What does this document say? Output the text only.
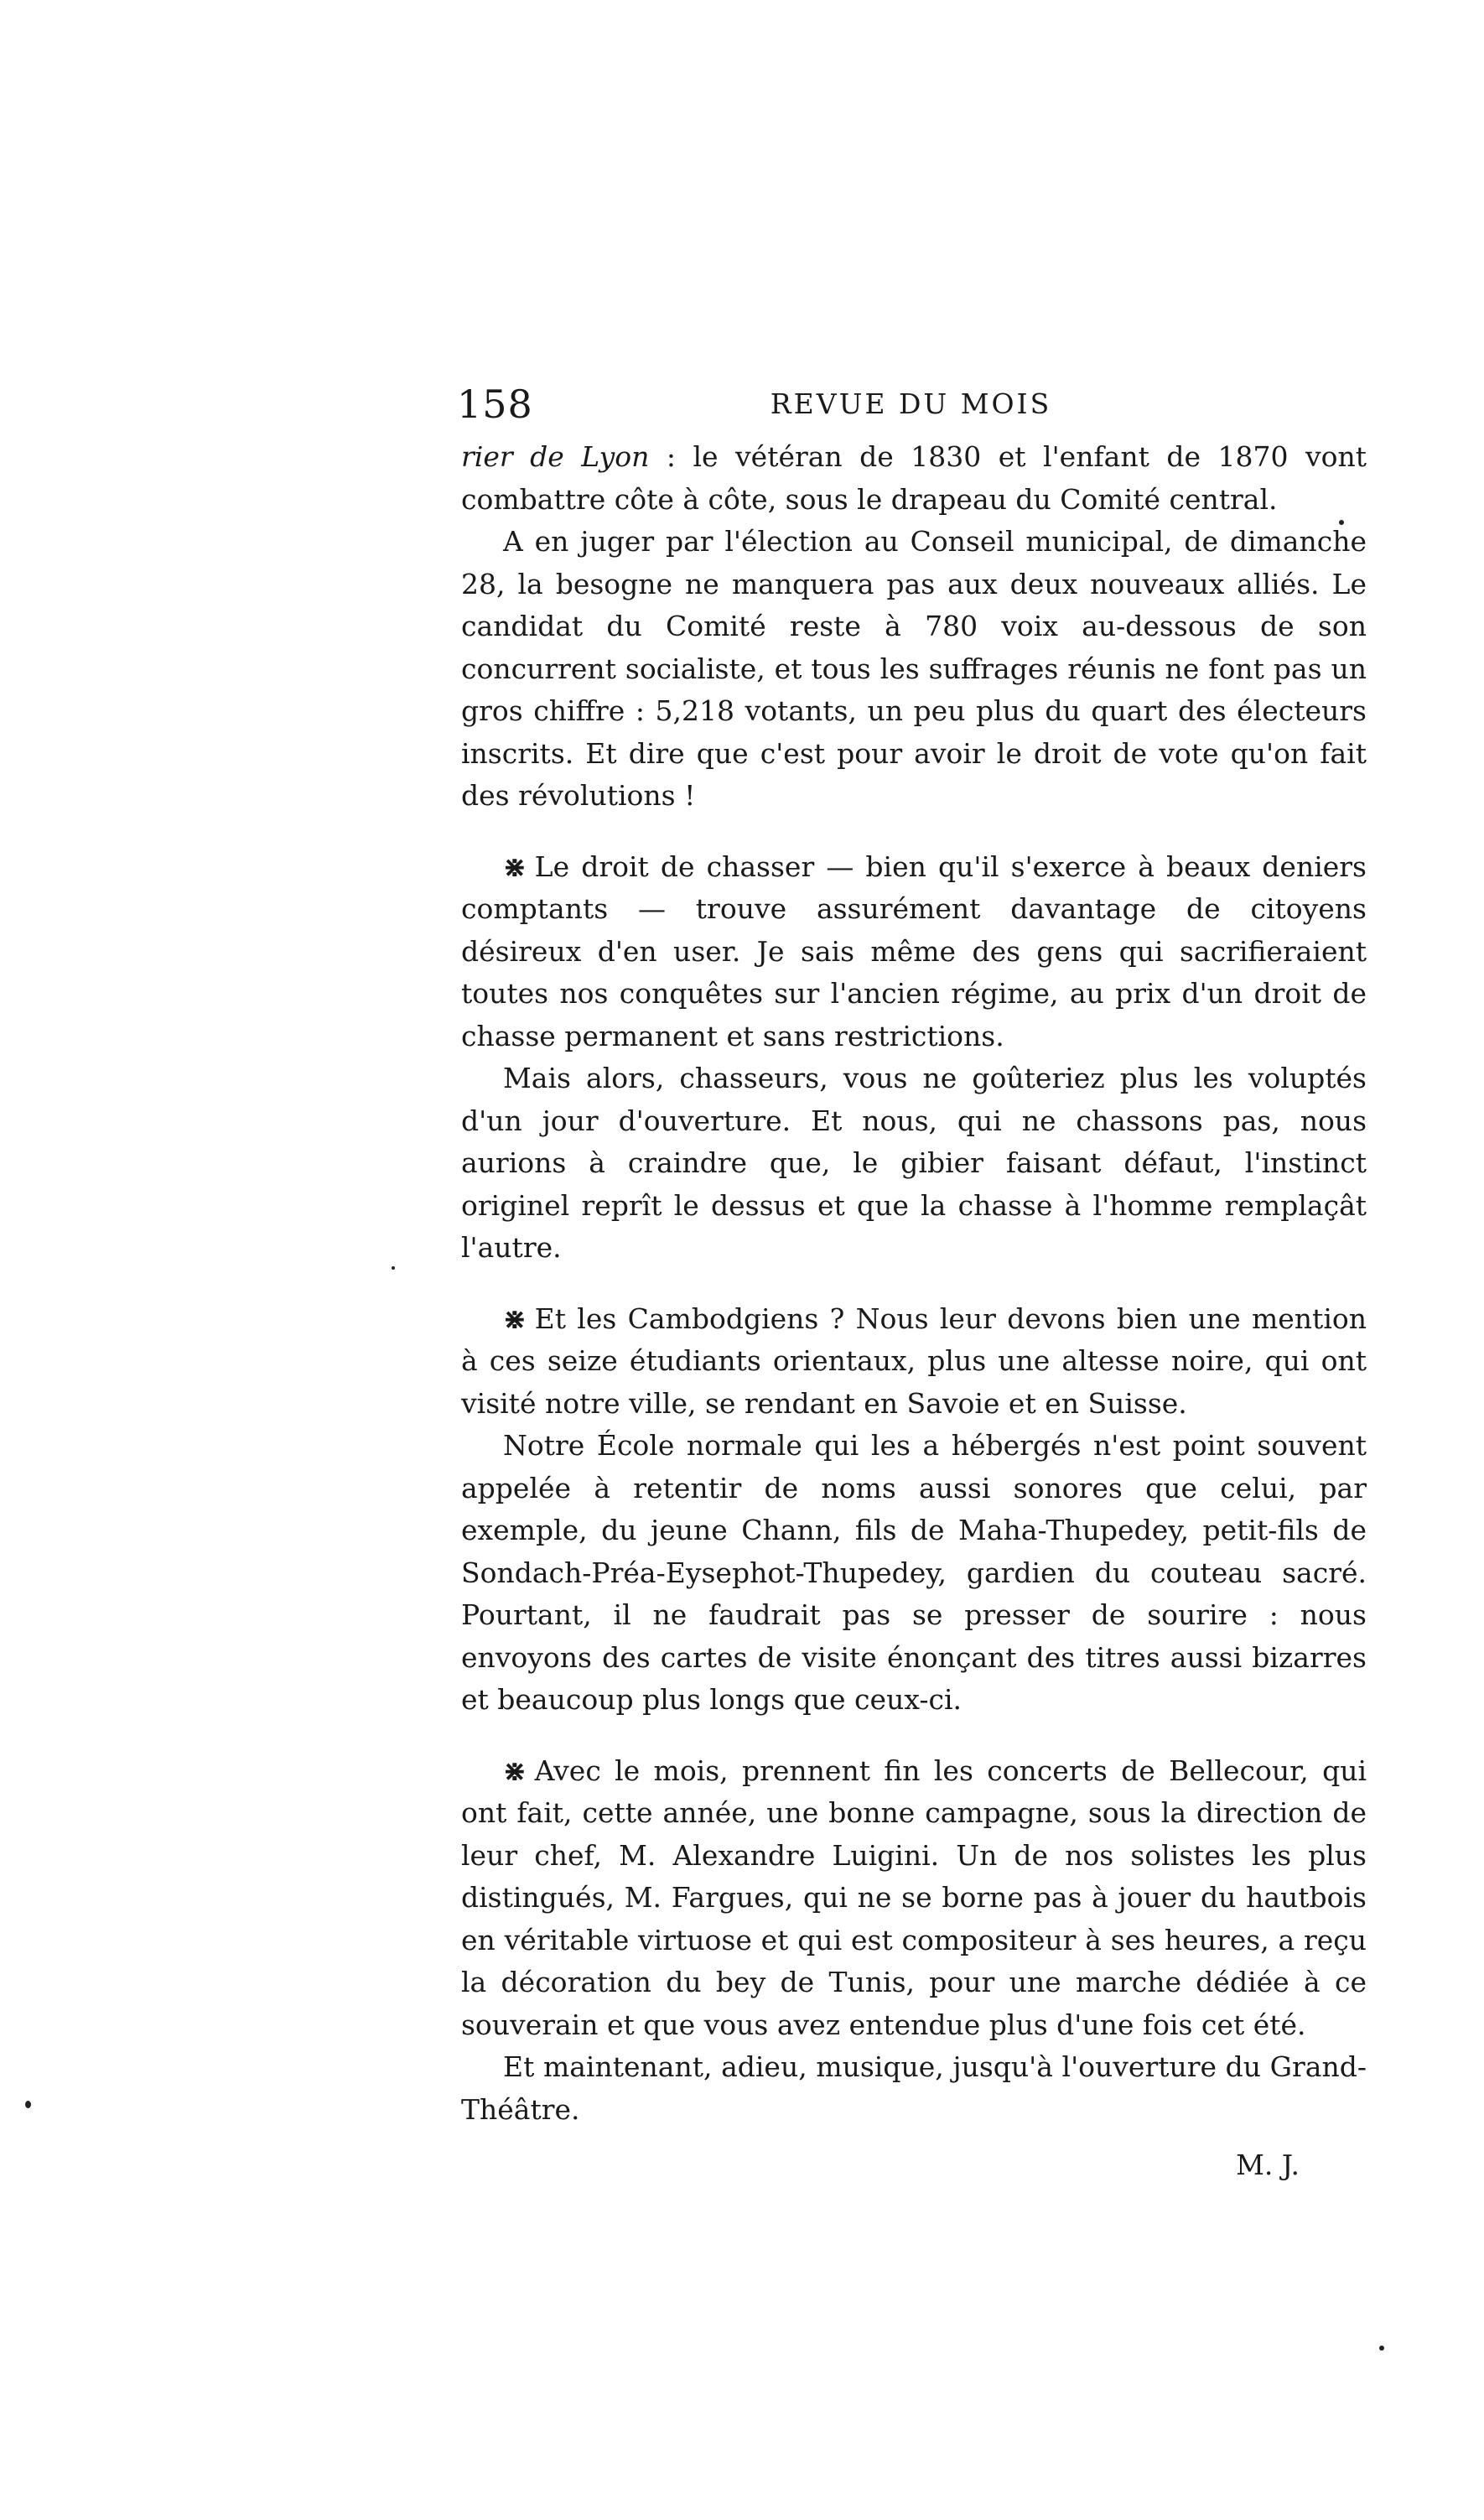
158	REVUE DU MOIS

rier de Lyon : le vétéran de 1830 et l'enfant de 1870 vont combattre côte à côte, sous le drapeau du Comité central.

A en juger par l'élection au Conseil municipal, de dimanche 28, la besogne ne manquera pas aux deux nouveaux alliés. Le candidat du Comité reste à 780 voix au-dessous de son concurrent socialiste, et tous les suffrages réunis ne font pas un gros chiffre : 5,218 votants, un peu plus du quart des électeurs inscrits. Et dire que c'est pour avoir le droit de vote qu'on fait des révolutions !

⋇ Le droit de chasser — bien qu'il s'exerce à beaux deniers comptants — trouve assurément davantage de citoyens désireux d'en user. Je sais même des gens qui sacrifieraient toutes nos conquêtes sur l'ancien régime, au prix d'un droit de chasse permanent et sans restrictions.

Mais alors, chasseurs, vous ne goûteriez plus les voluptés d'un jour d'ouverture. Et nous, qui ne chassons pas, nous aurions à craindre que, le gibier faisant défaut, l'instinct originel reprît le dessus et que la chasse à l'homme remplaçât l'autre.

⋇ Et les Cambodgiens ? Nous leur devons bien une mention à ces seize étudiants orientaux, plus une altesse noire, qui ont visité notre ville, se rendant en Savoie et en Suisse.

Notre École normale qui les a hébergés n'est point souvent appelée à retentir de noms aussi sonores que celui, par exemple, du jeune Chann, fils de Maha-Thupedey, petit-fils de Sondach-Préa-Eysephot-Thupedey, gardien du couteau sacré. Pourtant, il ne faudrait pas se presser de sourire : nous envoyons des cartes de visite énonçant des titres aussi bizarres et beaucoup plus longs que ceux-ci.

⋇ Avec le mois, prennent fin les concerts de Bellecour, qui ont fait, cette année, une bonne campagne, sous la direction de leur chef, M. Alexandre Luigini. Un de nos solistes les plus distingués, M. Fargues, qui ne se borne pas à jouer du hautbois en véritable virtuose et qui est compositeur à ses heures, a reçu la décoration du bey de Tunis, pour une marche dédiée à ce souverain et que vous avez entendue plus d'une fois cet été.

Et maintenant, adieu, musique, jusqu'à l'ouverture du Grand-Théâtre.

M. J.
